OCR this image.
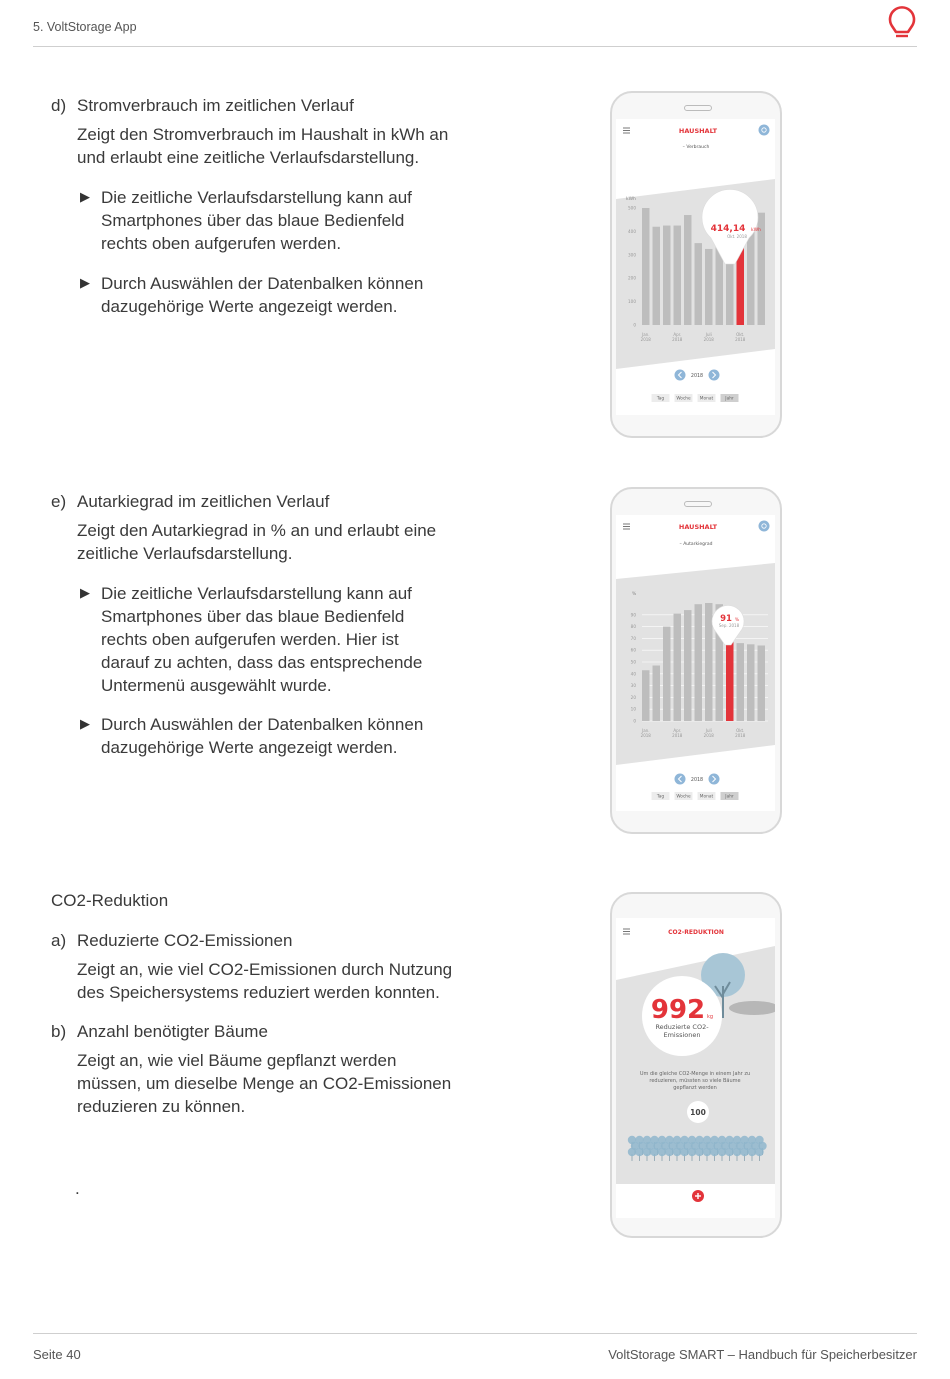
5. VoltStorage App
d) Stromverbrauch im zeitlichen Verlauf
Zeigt den Stromverbrauch im Haushalt in kWh an
und erlaubt eine zeitliche Verlaufsdarstellung.
▶ Die zeitliche Verlaufsdarstellung kann auf
Smartphones über das blaue Bedienfeld
rechts oben aufgerufen werden.
▶ Durch Auswählen der Datenbalken können
dazugehörige Werte angezeigt werden.
HAUSHALT
– Verbrauch
kWh
500
400
300
200
100
0
Jan.
2018
Apr.
2018
Juli
2018
Okt.
2018
414,14 kWh
Okt. 2018
2018
Tag	Woche Monat	Jahr
e) Autarkiegrad im zeitlichen Verlauf
Zeigt den Autarkiegrad in % an und erlaubt eine
zeitliche Verlaufsdarstellung.
▶ Die zeitliche Verlaufsdarstellung kann auf
Smartphones über das blaue Bedienfeld
rechts oben aufgerufen werden. Hier ist
darauf zu achten, dass das entsprechende
Untermenü ausgewählt wurde.
▶ Durch Auswählen der Datenbalken können
dazugehörige Werte angezeigt werden.
HAUSHALT
– Autarkiegrad
%
90
80
70
60
50
40
30
20
10
0
Jan.
2018
Apr.
2018
Juli
2018
Okt.
2018
91 %
Sep. 2018
2018
Tag	Woche Monat	Jahr
CO2-Reduktion
a) Reduzierte CO2-Emissionen
Zeigt an, wie viel CO2-Emissionen durch Nutzung
des Speichersystems reduziert werden konnten.
b) Anzahl benötigter Bäume
Zeigt an, wie viel Bäume gepflanzt werden
müssen, um dieselbe Menge an CO2-Emissionen
reduzieren zu können.
.
CO2-REDUKTION
992 kg
Reduzierte CO2-
Emissionen
Um die gleiche CO2-Menge in einem Jahr zu
reduzieren, müssten so viele Bäume
gepflanzt werden
100
Seite 40	VoltStorage SMART – Handbuch für Speicherbesitzer
